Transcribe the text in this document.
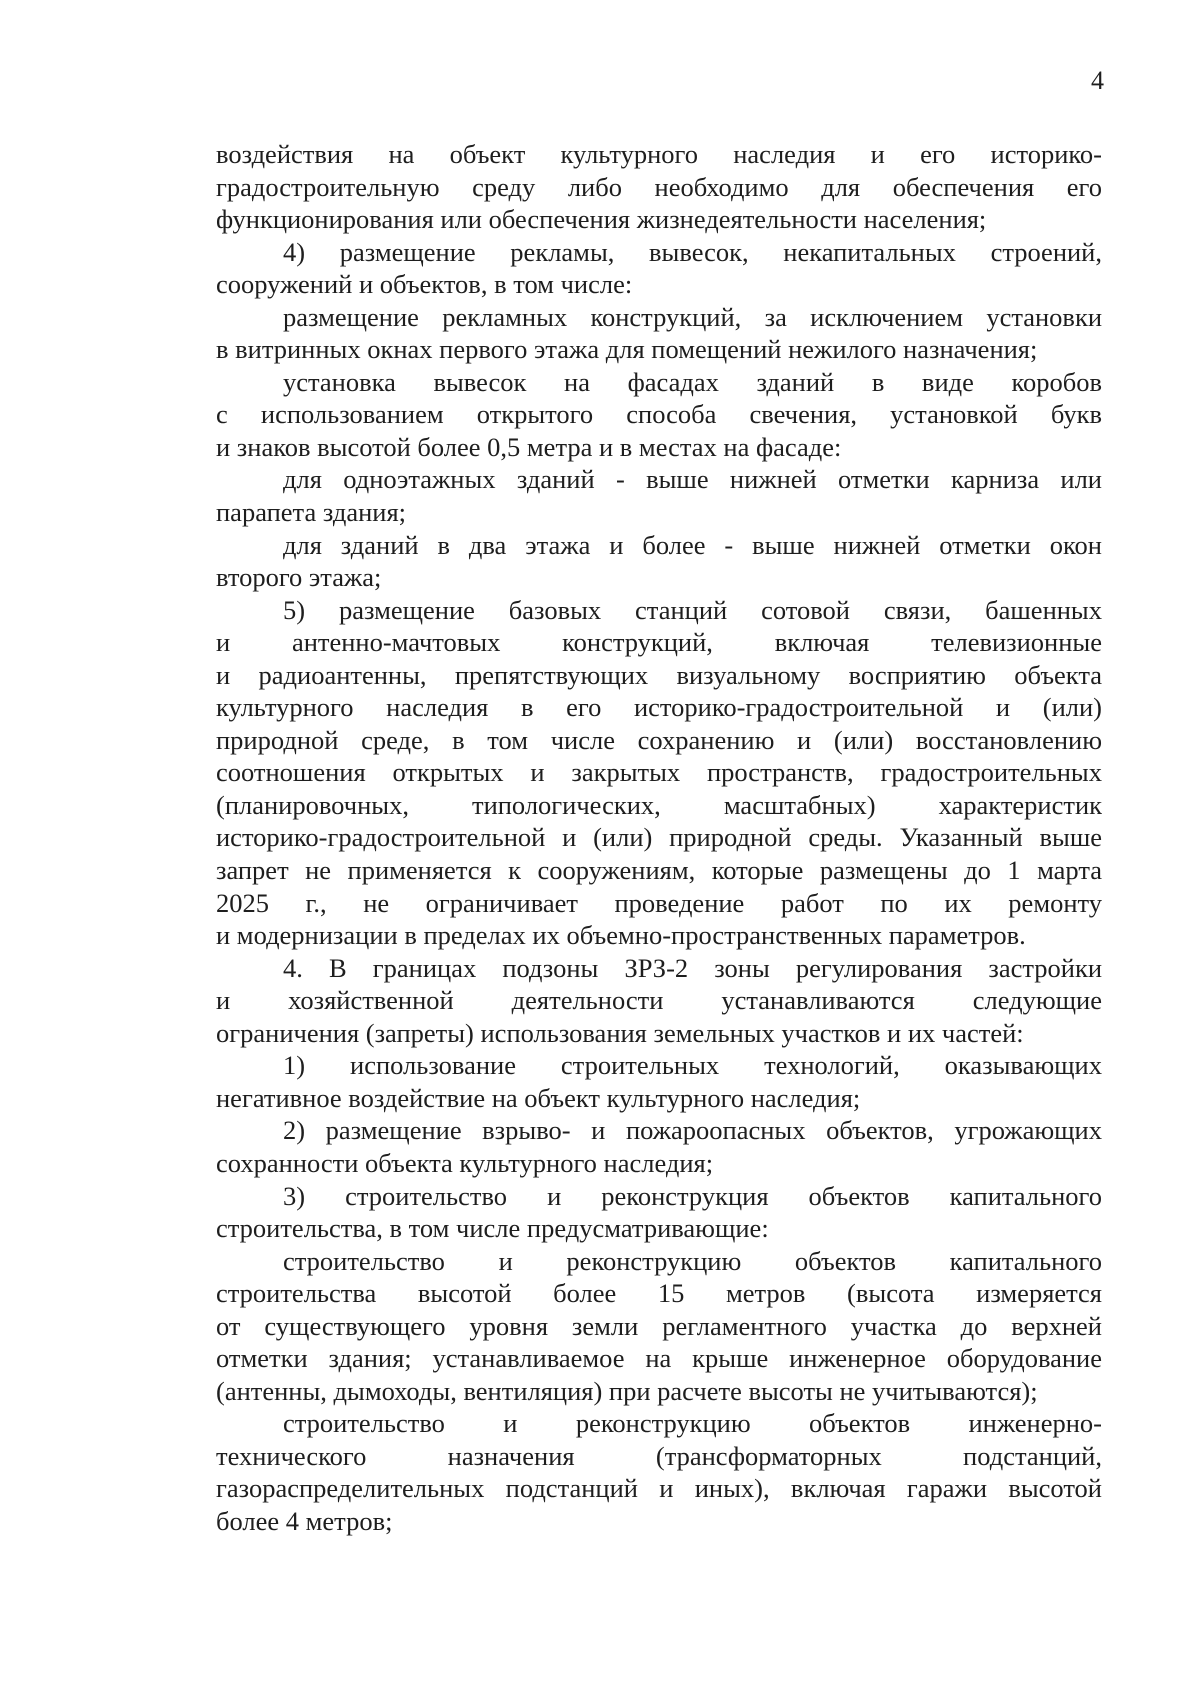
4
воздействия на объект культурного наследия и его историко-
градостроительную среду либо необходимо для обеспечения его
функционирования или обеспечения жизнедеятельности населения;
4) размещение рекламы, вывесок, некапитальных строений,
сооружений и объектов, в том числе:
размещение рекламных конструкций, за исключением установки
в витринных окнах первого этажа для помещений нежилого назначения;
установка вывесок на фасадах зданий в виде коробов
с использованием открытого способа свечения, установкой букв
и знаков высотой более 0,5 метра и в местах на фасаде:
для одноэтажных зданий - выше нижней отметки карниза или
парапета здания;
для зданий в два этажа и более - выше нижней отметки окон
второго этажа;
5) размещение базовых станций сотовой связи, башенных
и антенно-мачтовых конструкций, включая телевизионные
и радиоантенны, препятствующих визуальному восприятию объекта
культурного наследия в его историко-градостроительной и (или)
природной среде, в том числе сохранению и (или) восстановлению
соотношения открытых и закрытых пространств, градостроительных
(планировочных, типологических, масштабных) характеристик
историко-градостроительной и (или) природной среды. Указанный выше
запрет не применяется к сооружениям, которые размещены до 1 марта
2025 г., не ограничивает проведение работ по их ремонту
и модернизации в пределах их объемно-пространственных параметров.
4. В границах подзоны ЗРЗ-2 зоны регулирования застройки
и хозяйственной деятельности устанавливаются следующие
ограничения (запреты) использования земельных участков и их частей:
1) использование строительных технологий, оказывающих
негативное воздействие на объект культурного наследия;
2) размещение взрыво- и пожароопасных объектов, угрожающих
сохранности объекта культурного наследия;
3) строительство и реконструкция объектов капитального
строительства, в том числе предусматривающие:
строительство и реконструкцию объектов капитального
строительства высотой более 15 метров (высота измеряется
от существующего уровня земли регламентного участка до верхней
отметки здания; устанавливаемое на крыше инженерное оборудование
(антенны, дымоходы, вентиляция) при расчете высоты не учитываются);
строительство и реконструкцию объектов инженерно-
технического назначения (трансформаторных подстанций,
газораспределительных подстанций и иных), включая гаражи высотой
более 4 метров;
